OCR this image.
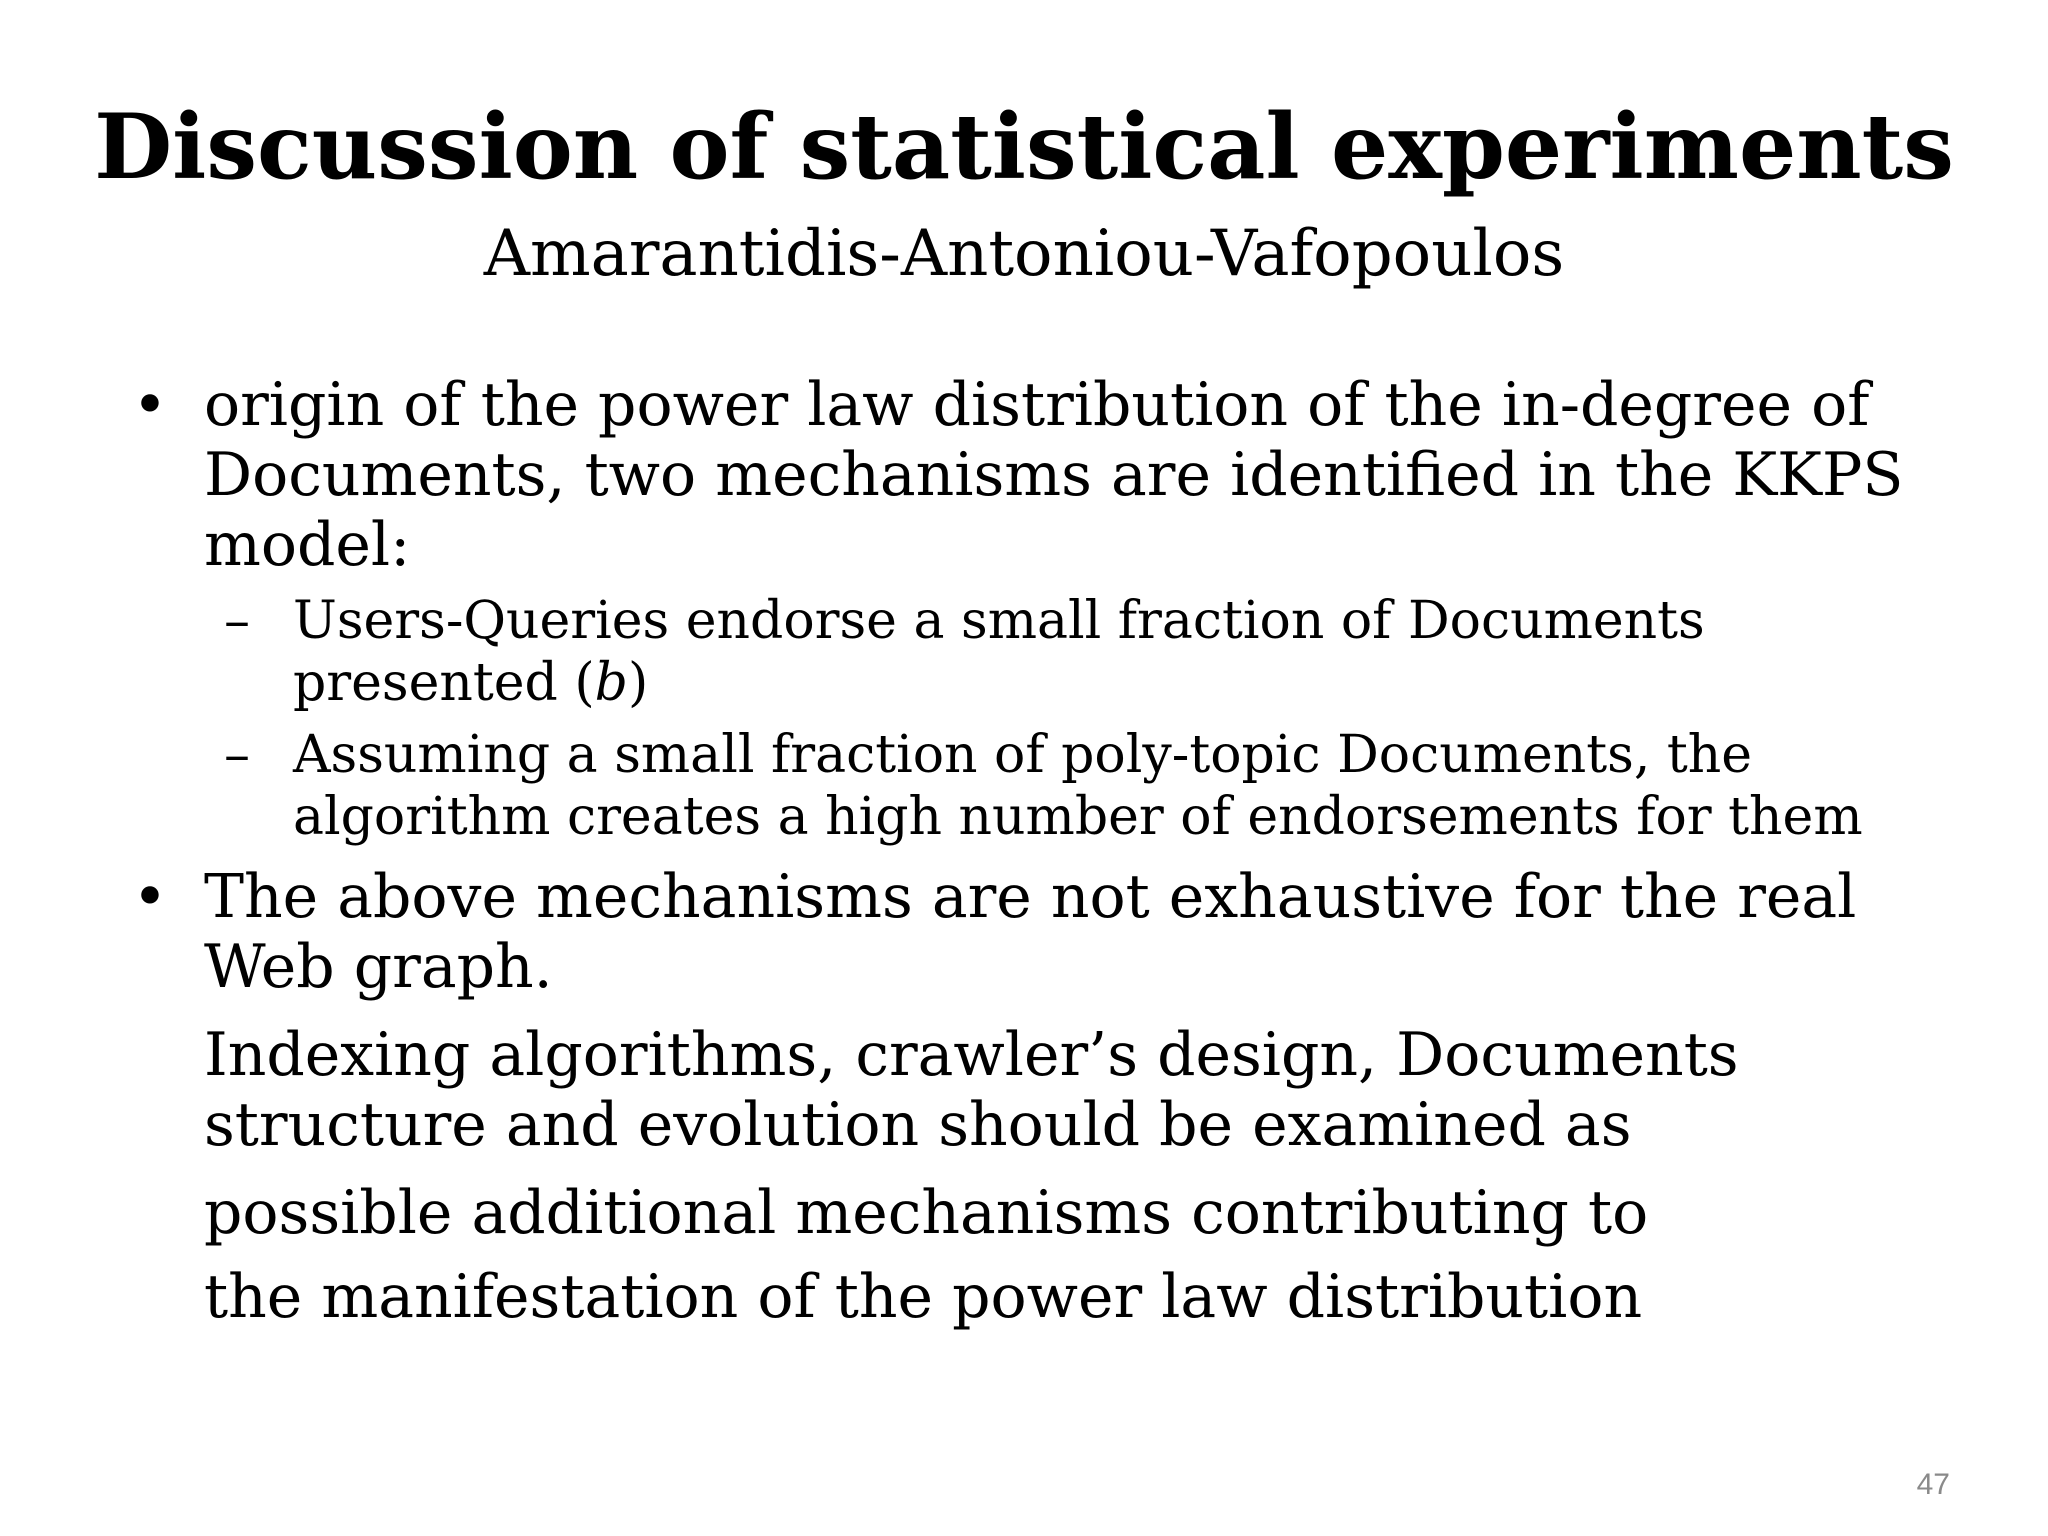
Discussion of statistical experiments
Amarantidis-Antoniou-Vafopoulos
• origin of the power law distribution of the in-degree of Documents, two mechanisms are identified in the KKPS model:
– Users-Queries endorse a small fraction of Documents presented (b)
– Assuming a small fraction of poly-topic Documents, the algorithm creates a high number of endorsements for them
• The above mechanisms are not exhaustive for the real Web graph.
Indexing algorithms, crawler’s design, Documents structure and evolution should be examined as
possible additional mechanisms contributing to
the manifestation of the power law distribution
47
